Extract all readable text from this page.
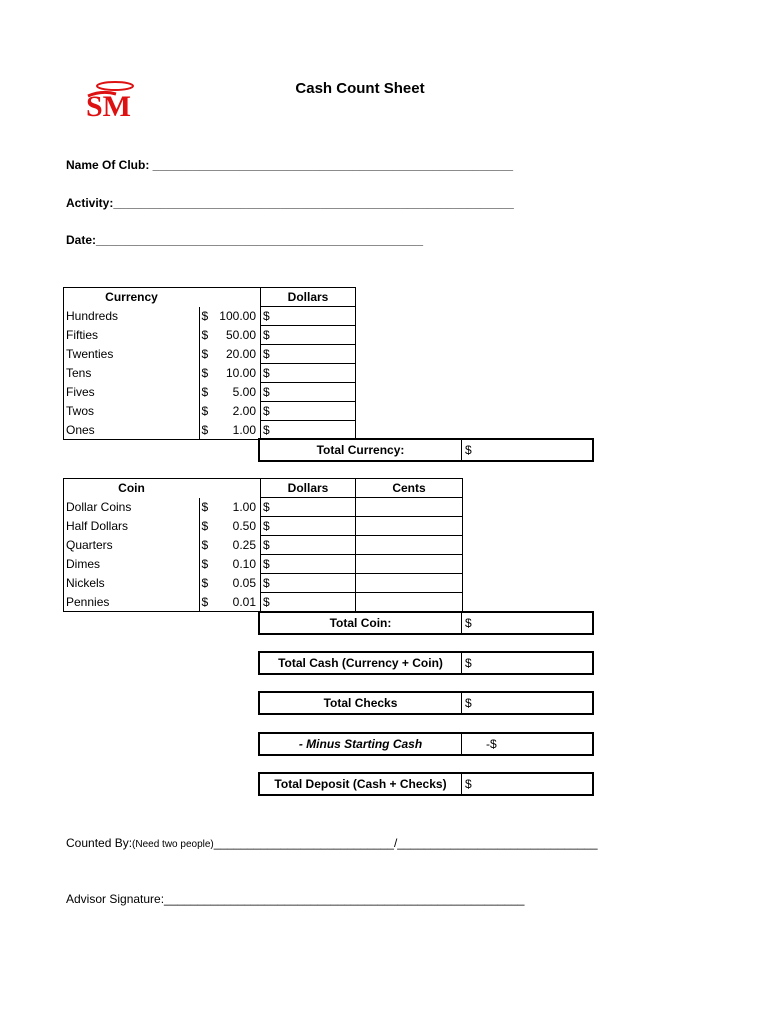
SM
Cash Count Sheet
Name Of Club: ______________________________________________________
Activity:____________________________________________________________
Date:_________________________________________________
Currency		Dollars
Hundreds	$ 100.00	$
Fifties	$ 50.00	$
Twenties	$ 20.00	$
Tens	$ 10.00	$
Fives	$ 5.00	$
Twos	$ 2.00	$
Ones	$ 1.00	$
Total Currency:	$
Coin		Dollars	Cents
Dollar Coins	$ 1.00	$	
Half Dollars	$ 0.50	$	
Quarters	$ 0.25	$	
Dimes	$ 0.10	$	
Nickels	$ 0.05	$	
Pennies	$ 0.01	$	
Total Coin:	$
Total Cash (Currency + Coin)	$
Total Checks	$
- Minus Starting Cash	-$
Total Deposit (Cash + Checks)	$
Counted By:(Need two people)___________________________/______________________________
Advisor Signature:______________________________________________________
